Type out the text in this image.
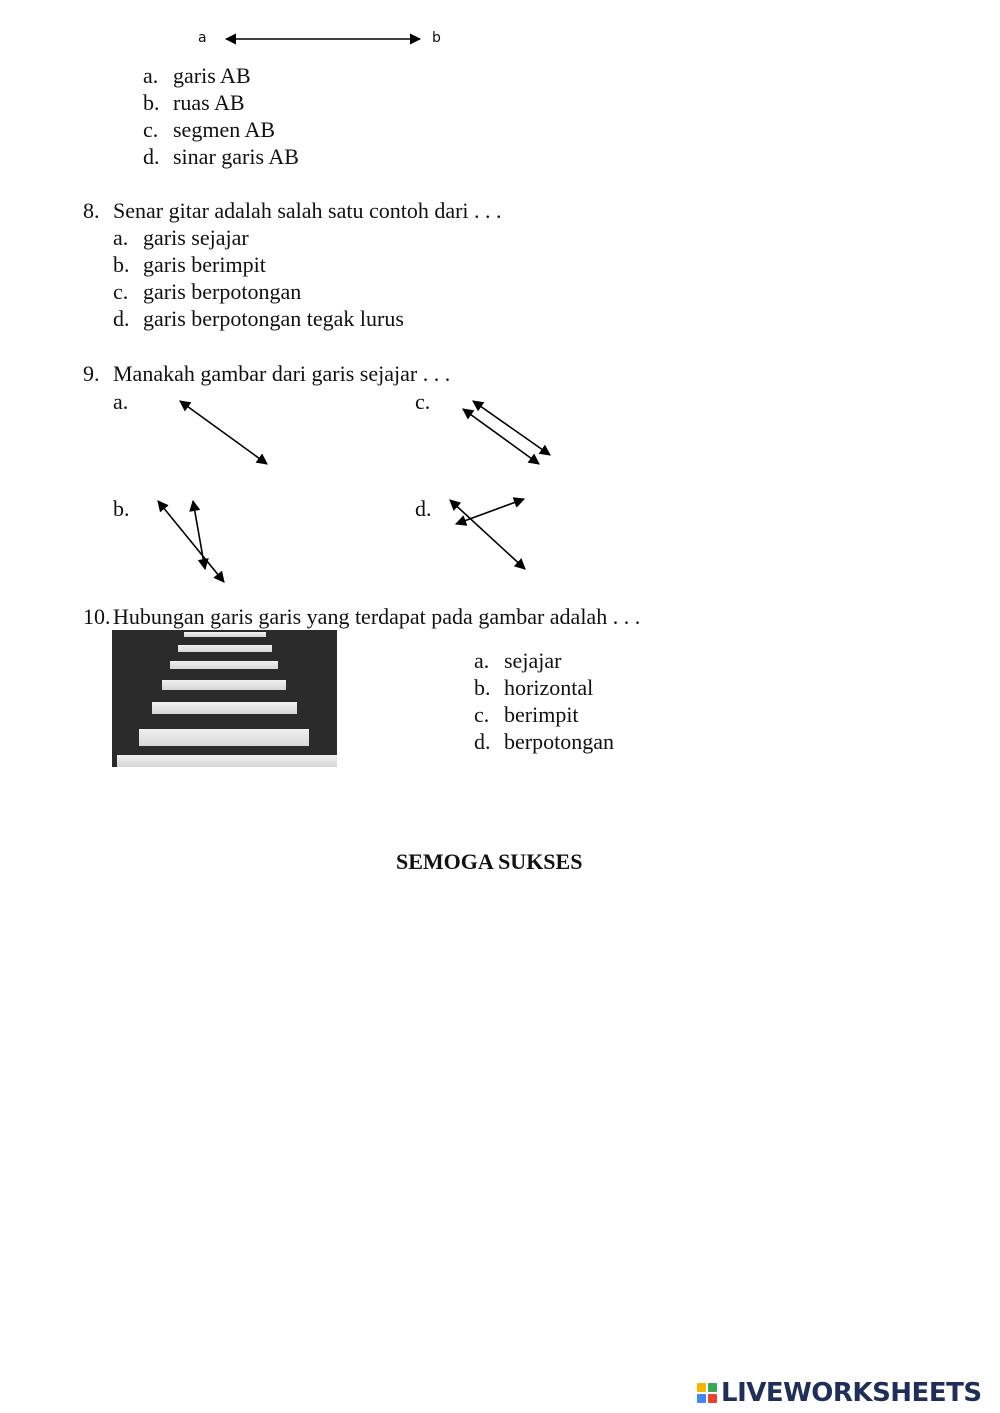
a	b
a. garis AB
b. ruas AB
c. segmen AB
d. sinar garis AB
8. Senar gitar adalah salah satu contoh dari . . .
a. garis sejajar
b. garis berimpit
c. garis berpotongan
d. garis berpotongan tegak lurus
9. Manakah gambar dari garis sejajar . . .
a.	c.
b.	d.
10. Hubungan garis garis yang terdapat pada gambar adalah . . .
a. sejajar
b. horizontal
c. berimpit
d. berpotongan
SEMOGA SUKSES
LIVEWORKSHEETS
